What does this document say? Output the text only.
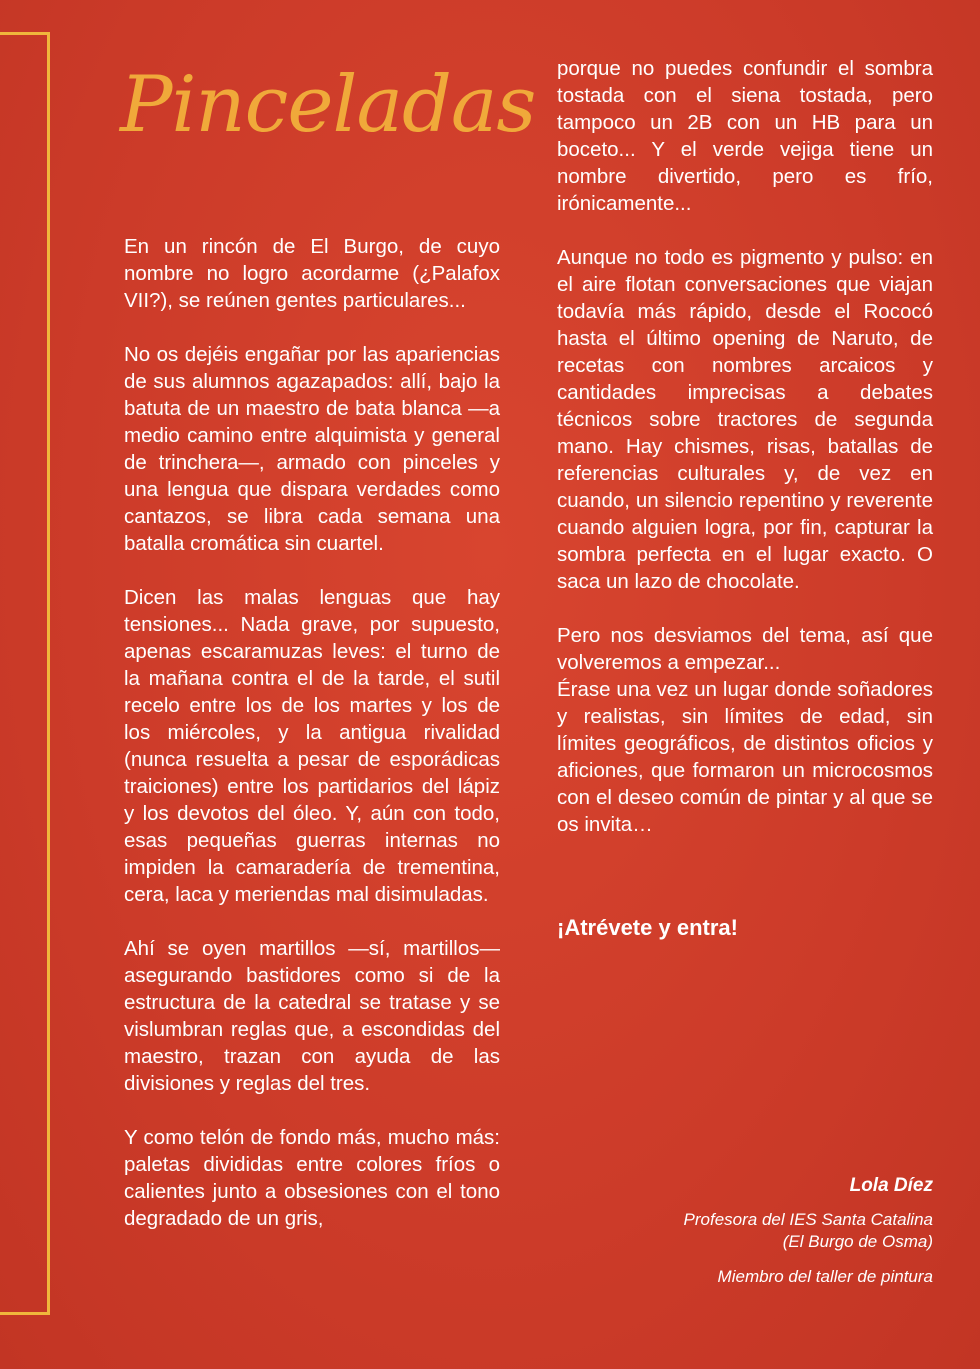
Pinceladas

En un rincón de El Burgo, de cuyo nombre no logro acordarme (¿Palafox VII?), se reúnen gentes particulares...

No os dejéis engañar por las apariencias de sus alumnos agazapados: allí, bajo la batuta de un maestro de bata blanca —a medio camino entre alquimista y general de trinchera—, armado con pinceles y una lengua que dispara verdades como cantazos, se libra cada semana una batalla cromática sin cuartel.

Dicen las malas lenguas que hay tensiones... Nada grave, por supuesto, apenas escaramuzas leves: el turno de la mañana contra el de la tarde, el sutil recelo entre los de los martes y los de los miércoles, y la antigua rivalidad (nunca resuelta a pesar de esporádicas traiciones) entre los partidarios del lápiz y los devotos del óleo. Y, aún con todo, esas pequeñas guerras internas no impiden la camaradería de trementina, cera, laca y meriendas mal disimuladas.

Ahí se oyen martillos —sí, martillos— asegurando bastidores como si de la estructura de la catedral se tratase y se vislumbran reglas que, a escondidas del maestro, trazan con ayuda de las divisiones y reglas del tres.

Y como telón de fondo más, mucho más: paletas divididas entre colores fríos o calientes junto a obsesiones con el tono degradado de un gris,

porque no puedes confundir el sombra tostada con el siena tostada, pero tampoco un 2B con un HB para un boceto... Y el verde vejiga tiene un nombre divertido, pero es frío, irónicamente...

Aunque no todo es pigmento y pulso: en el aire flotan conversaciones que viajan todavía más rápido, desde el Rococó hasta el último opening de Naruto, de recetas con nombres arcaicos y cantidades imprecisas a debates técnicos sobre tractores de segunda mano. Hay chismes, risas, batallas de referencias culturales y, de vez en cuando, un silencio repentino y reverente cuando alguien logra, por fin, capturar la sombra perfecta en el lugar exacto. O saca un lazo de chocolate.

Pero nos desviamos del tema, así que volveremos a empezar...

Érase una vez un lugar donde soñadores y realistas, sin límites de edad, sin límites geográficos, de distintos oficios y aficiones, que formaron un microcosmos con el deseo común de pintar y al que se os invita…

¡Atrévete y entra!
Lola Díez
Profesora del IES Santa Catalina
(El Burgo de Osma)
Miembro del taller de pintura
